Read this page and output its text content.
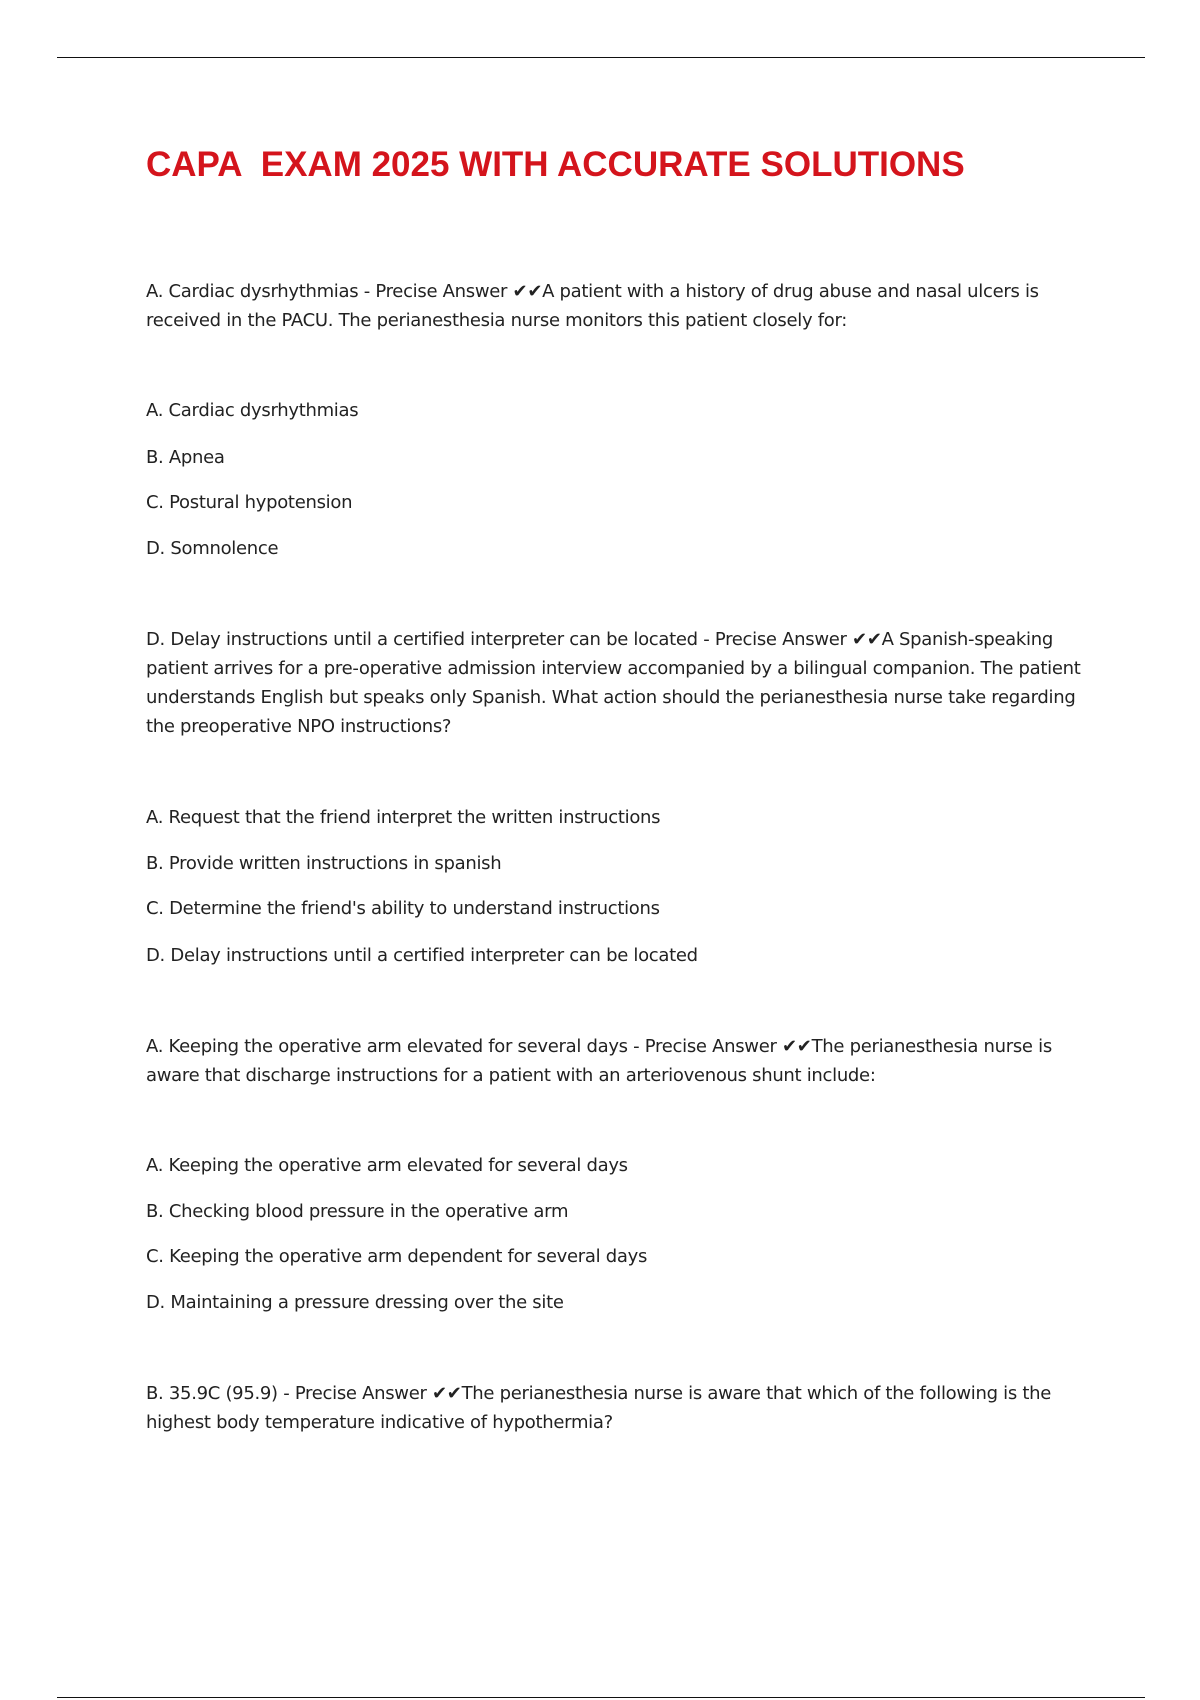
CAPA  EXAM 2025 WITH ACCURATE SOLUTIONS
A. Cardiac dysrhythmias - Precise Answer ✔✔A patient with a history of drug abuse and nasal ulcers is received in the PACU. The perianesthesia nurse monitors this patient closely for:
A. Cardiac dysrhythmias
B. Apnea
C. Postural hypotension
D. Somnolence
D. Delay instructions until a certified interpreter can be located - Precise Answer ✔✔A Spanish-speaking patient arrives for a pre-operative admission interview accompanied by a bilingual companion. The patient understands English but speaks only Spanish. What action should the perianesthesia nurse take regarding the preoperative NPO instructions?
A. Request that the friend interpret the written instructions
B. Provide written instructions in spanish
C. Determine the friend's ability to understand instructions
D. Delay instructions until a certified interpreter can be located
A. Keeping the operative arm elevated for several days - Precise Answer ✔✔The perianesthesia nurse is aware that discharge instructions for a patient with an arteriovenous shunt include:
A. Keeping the operative arm elevated for several days
B. Checking blood pressure in the operative arm
C. Keeping the operative arm dependent for several days
D. Maintaining a pressure dressing over the site
B. 35.9C (95.9) - Precise Answer ✔✔The perianesthesia nurse is aware that which of the following is the highest body temperature indicative of hypothermia?
